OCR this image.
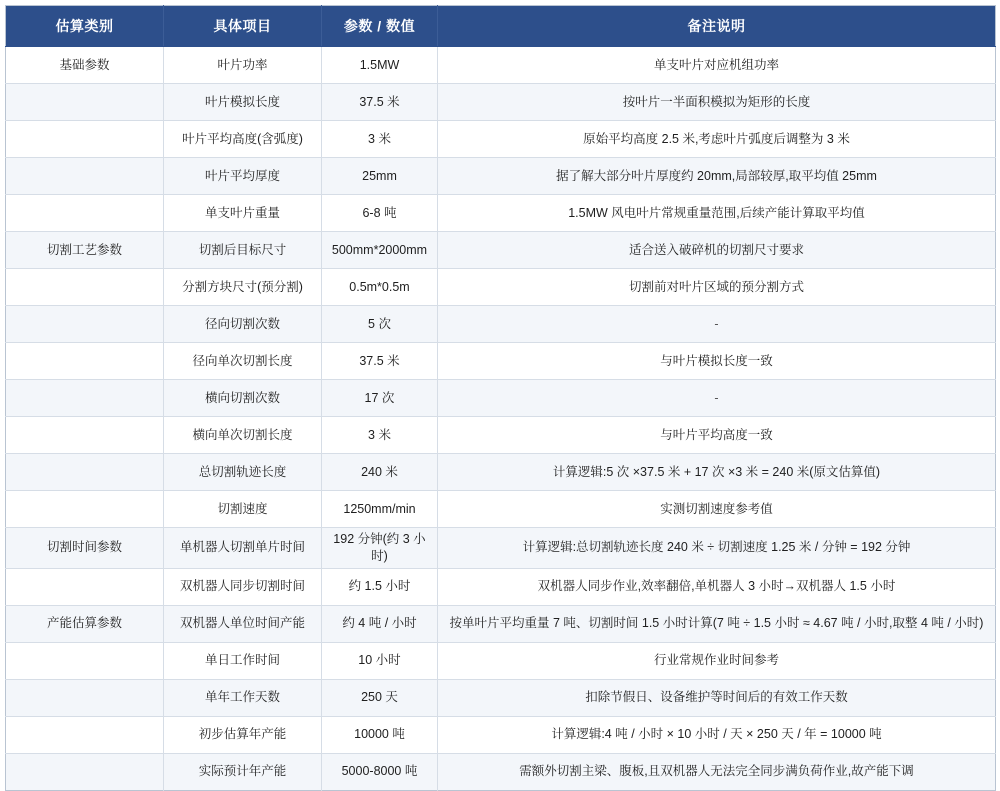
估算类别	具体项目	参数 / 数值	备注说明
基础参数	叶片功率	1.5MW	单支叶片对应机组功率
	叶片模拟长度	37.5 米	按叶片一半面积模拟为矩形的长度
	叶片平均高度(含弧度)	3 米	原始平均高度 2.5 米,考虑叶片弧度后调整为 3 米
	叶片平均厚度	25mm	据了解大部分叶片厚度约 20mm,局部较厚,取平均值 25mm
	单支叶片重量	6-8 吨	1.5MW 风电叶片常规重量范围,后续产能计算取平均值
切割工艺参数	切割后目标尺寸	500mm*2000mm	适合送入破碎机的切割尺寸要求
	分割方块尺寸(预分割)	0.5m*0.5m	切割前对叶片区域的预分割方式
	径向切割次数	5 次	-
	径向单次切割长度	37.5 米	与叶片模拟长度一致
	横向切割次数	17 次	-
	横向单次切割长度	3 米	与叶片平均高度一致
	总切割轨迹长度	240 米	计算逻辑:5 次 ×37.5 米 + 17 次 ×3 米 = 240 米(原文估算值)
	切割速度	1250mm/min	实测切割速度参考值
切割时间参数	单机器人切割单片时间	192 分钟(约 3 小时)	计算逻辑:总切割轨迹长度 240 米 ÷ 切割速度 1.25 米 / 分钟 = 192 分钟
	双机器人同步切割时间	约 1.5 小时	双机器人同步作业,效率翻倍,单机器人 3 小时→双机器人 1.5 小时
产能估算参数	双机器人单位时间产能	约 4 吨 / 小时	按单叶片平均重量 7 吨、切割时间 1.5 小时计算(7 吨 ÷ 1.5 小时 ≈ 4.67 吨 / 小时,取整 4 吨 / 小时)
	单日工作时间	10 小时	行业常规作业时间参考
	单年工作天数	250 天	扣除节假日、设备维护等时间后的有效工作天数
	初步估算年产能	10000 吨	计算逻辑:4 吨 / 小时 × 10 小时 / 天 × 250 天 / 年 = 10000 吨
	实际预计年产能	5000-8000 吨	需额外切割主梁、腹板,且双机器人无法完全同步满负荷作业,故产能下调
